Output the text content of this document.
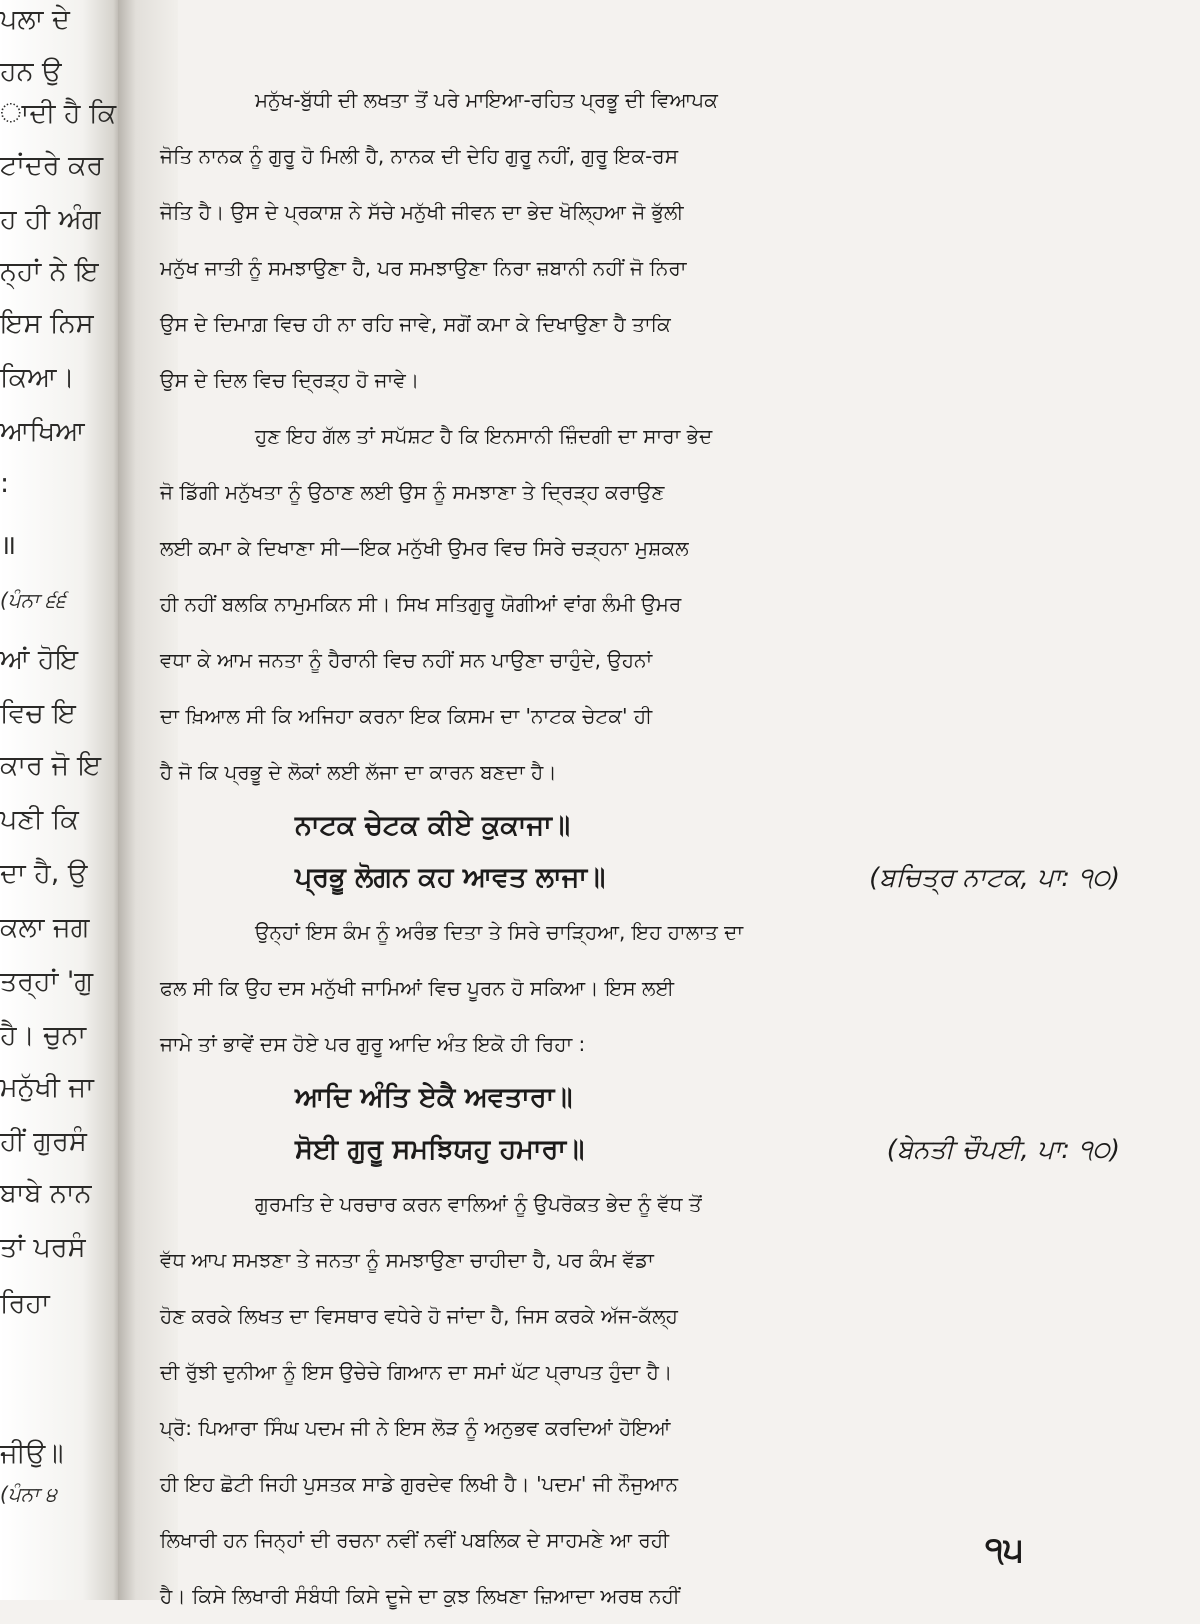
ਪਲਾ ਦੇ
ਹਨ ਉ
ਾਦੀ ਹੈ ਕਿ
ਟਾਂਦਰੇ ਕਰ
ਹ ਹੀ ਅੰਗ
ਨ੍ਹਾਂ ਨੇ ਇ
ਇਸ ਨਿਸ
ਕਿਆ।
ਆਖਿਆ
:
॥
(ਪੰਨਾ ੬੬
ਆਂ ਹੋਇ
ਵਿਚ ਇ
ਕਾਰ ਜੋ ਇ
ਪਣੀ ਕਿ
ਦਾ ਹੈ, ਉ
ਕਲਾ ਜਗ
ਤਰ੍ਹਾਂ 'ਗੁ
ਹੈ। ਚੁਨਾ
ਮਨੁੱਖੀ ਜਾ
ਹੀਂ ਗੁਰਸੰ
ਬਾਬੇ ਨਾਨ
ਤਾਂ ਪਰਸੰ
ਰਿਹਾ
ਜੀਉ॥
(ਪੰਨਾ ੪
ਮਨੁੱਖ-ਬੁੱਧੀ ਦੀ ਲਖਤਾ ਤੋਂ ਪਰੇ ਮਾਇਆ-ਰਹਿਤ ਪ੍ਰਭੂ ਦੀ ਵਿਆਪਕ
ਜੋਤਿ ਨਾਨਕ ਨੂੰ ਗੁਰੂ ਹੋ ਮਿਲੀ ਹੈ, ਨਾਨਕ ਦੀ ਦੇਹਿ ਗੁਰੂ ਨਹੀਂ, ਗੁਰੂ ਇਕ-ਰਸ
ਜੋਤਿ ਹੈ। ਉਸ ਦੇ ਪ੍ਰਕਾਸ਼ ਨੇ ਸੱਚੇ ਮਨੁੱਖੀ ਜੀਵਨ ਦਾ ਭੇਦ ਖੋਲ੍ਹਿਆ ਜੋ ਭੁੱਲੀ
ਮਨੁੱਖ ਜਾਤੀ ਨੂੰ ਸਮਝਾਉਣਾ ਹੈ, ਪਰ ਸਮਝਾਉਣਾ ਨਿਰਾ ਜ਼ਬਾਨੀ ਨਹੀਂ ਜੋ ਨਿਰਾ
ਉਸ ਦੇ ਦਿਮਾਗ਼ ਵਿਚ ਹੀ ਨਾ ਰਹਿ ਜਾਵੇ, ਸਗੋਂ ਕਮਾ ਕੇ ਦਿਖਾਉਣਾ ਹੈ ਤਾਕਿ
ਉਸ ਦੇ ਦਿਲ ਵਿਚ ਦ੍ਰਿੜ੍ਹ ਹੋ ਜਾਵੇ।
ਹੁਣ ਇਹ ਗੱਲ ਤਾਂ ਸਪੱਸ਼ਟ ਹੈ ਕਿ ਇਨਸਾਨੀ ਜ਼ਿੰਦਗੀ ਦਾ ਸਾਰਾ ਭੇਦ
ਜੋ ਡਿੱਗੀ ਮਨੁੱਖਤਾ ਨੂੰ ਉਠਾਣ ਲਈ ਉਸ ਨੂੰ ਸਮਝਾਣਾ ਤੇ ਦ੍ਰਿੜ੍ਹ ਕਰਾਉਣ
ਲਈ ਕਮਾ ਕੇ ਦਿਖਾਣਾ ਸੀ—ਇਕ ਮਨੁੱਖੀ ਉਮਰ ਵਿਚ ਸਿਰੇ ਚੜ੍ਹਨਾ ਮੁਸ਼ਕਲ
ਹੀ ਨਹੀਂ ਬਲਕਿ ਨਾਮੁਮਕਿਨ ਸੀ। ਸਿਖ ਸਤਿਗੁਰੂ ਯੋਗੀਆਂ ਵਾਂਗ ਲੰਮੀ ਉਮਰ
ਵਧਾ ਕੇ ਆਮ ਜਨਤਾ ਨੂੰ ਹੈਰਾਨੀ ਵਿਚ ਨਹੀਂ ਸਨ ਪਾਉਣਾ ਚਾਹੁੰਦੇ, ਉਹਨਾਂ
ਦਾ ਖ਼ਿਆਲ ਸੀ ਕਿ ਅਜਿਹਾ ਕਰਨਾ ਇਕ ਕਿਸਮ ਦਾ 'ਨਾਟਕ ਚੇਟਕ' ਹੀ
ਹੈ ਜੋ ਕਿ ਪ੍ਰਭੂ ਦੇ ਲੋਕਾਂ ਲਈ ਲੱਜਾ ਦਾ ਕਾਰਨ ਬਣਦਾ ਹੈ।
ਨਾਟਕ ਚੇਟਕ ਕੀਏ ਕੁਕਾਜਾ॥
ਪ੍ਰਭੂ ਲੋਗਨ ਕਹ ਆਵਤ ਲਾਜਾ॥	(ਬਚਿਤ੍ਰ ਨਾਟਕ, ਪਾ: ੧੦)
ਉਨ੍ਹਾਂ ਇਸ ਕੰਮ ਨੂੰ ਅਰੰਭ ਦਿਤਾ ਤੇ ਸਿਰੇ ਚਾੜ੍ਹਿਆ, ਇਹ ਹਾਲਾਤ ਦਾ
ਫਲ ਸੀ ਕਿ ਉਹ ਦਸ ਮਨੁੱਖੀ ਜਾਮਿਆਂ ਵਿਚ ਪੂਰਨ ਹੋ ਸਕਿਆ। ਇਸ ਲਈ
ਜਾਮੇ ਤਾਂ ਭਾਵੇਂ ਦਸ ਹੋਏ ਪਰ ਗੁਰੂ ਆਦਿ ਅੰਤ ਇਕੋ ਹੀ ਰਿਹਾ :
ਆਦਿ ਅੰਤਿ ਏਕੈ ਅਵਤਾਰਾ॥
ਸੋਈ ਗੁਰੂ ਸਮਝਿਯਹੁ ਹਮਾਰਾ॥	(ਬੇਨਤੀ ਚੌਪਈ, ਪਾ: ੧੦)
ਗੁਰਮਤਿ ਦੇ ਪਰਚਾਰ ਕਰਨ ਵਾਲਿਆਂ ਨੂੰ ਉਪਰੋਕਤ ਭੇਦ ਨੂੰ ਵੱਧ ਤੋਂ
ਵੱਧ ਆਪ ਸਮਝਣਾ ਤੇ ਜਨਤਾ ਨੂੰ ਸਮਝਾਉਣਾ ਚਾਹੀਦਾ ਹੈ, ਪਰ ਕੰਮ ਵੱਡਾ
ਹੋਣ ਕਰਕੇ ਲਿਖਤ ਦਾ ਵਿਸਥਾਰ ਵਧੇਰੇ ਹੋ ਜਾਂਦਾ ਹੈ, ਜਿਸ ਕਰਕੇ ਅੱਜ-ਕੱਲ੍ਹ
ਦੀ ਰੁੱਝੀ ਦੁਨੀਆ ਨੂੰ ਇਸ ਉਚੇਚੇ ਗਿਆਨ ਦਾ ਸਮਾਂ ਘੱਟ ਪ੍ਰਾਪਤ ਹੁੰਦਾ ਹੈ।
ਪ੍ਰੋ: ਪਿਆਰਾ ਸਿੰਘ ਪਦਮ ਜੀ ਨੇ ਇਸ ਲੋੜ ਨੂੰ ਅਨੁਭਵ ਕਰਦਿਆਂ ਹੋਇਆਂ
ਹੀ ਇਹ ਛੋਟੀ ਜਿਹੀ ਪੁਸਤਕ ਸਾਡੇ ਗੁਰਦੇਵ ਲਿਖੀ ਹੈ। 'ਪਦਮ' ਜੀ ਨੌਜੁਆਨ
ਲਿਖਾਰੀ ਹਨ ਜਿਨ੍ਹਾਂ ਦੀ ਰਚਨਾ ਨਵੀਂ ਨਵੀਂ ਪਬਲਿਕ ਦੇ ਸਾਹਮਣੇ ਆ ਰਹੀ
ਹੈ। ਕਿਸੇ ਲਿਖਾਰੀ ਸੰਬੰਧੀ ਕਿਸੇ ਦੂਜੇ ਦਾ ਕੁਝ ਲਿਖਣਾ ਜ਼ਿਆਦਾ ਅਰਥ ਨਹੀਂ
੧੫
